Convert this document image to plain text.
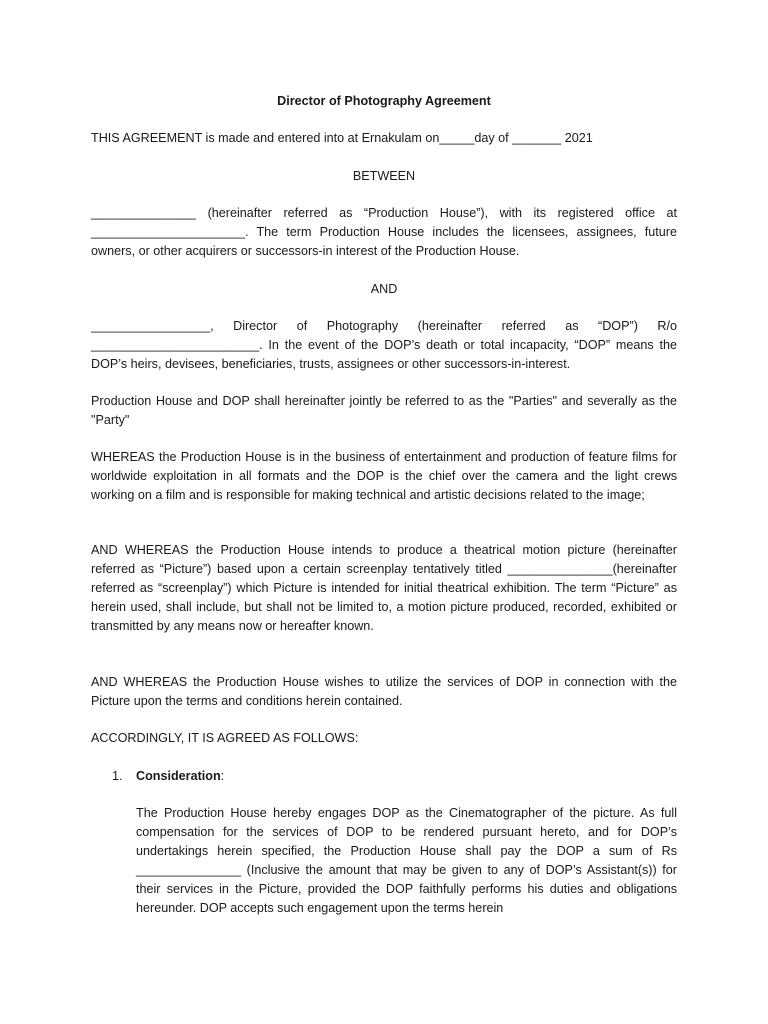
Director of Photography Agreement
THIS AGREEMENT is made and entered into at Ernakulam on_____day of _______ 2021
BETWEEN
_______________ (hereinafter referred as “Production House”), with its registered office at ______________________. The term Production House includes the licensees, assignees, future owners, or other acquirers or successors-in interest of the Production House.
AND
_________________, Director of Photography (hereinafter referred as “DOP”) R/o ________________________. In the event of the DOP’s death or total incapacity, “DOP” means the DOP’s heirs, devisees, beneficiaries, trusts, assignees or other successors-in-interest.
Production House and DOP shall hereinafter jointly be referred to as the "Parties" and severally as the "Party"
WHEREAS the Production House is in the business of entertainment and production of feature films for worldwide exploitation in all formats and the DOP is the chief over the camera and the light crews working on a film and is responsible for making technical and artistic decisions related to the image;
AND WHEREAS the Production House intends to produce a theatrical motion picture (hereinafter referred as “Picture”) based upon a certain screenplay tentatively titled _______________(hereinafter referred as “screenplay”) which Picture is intended for initial theatrical exhibition. The term “Picture” as herein used, shall include, but shall not be limited to, a motion picture produced, recorded, exhibited or transmitted by any means now or hereafter known.
AND WHEREAS the Production House wishes to utilize the services of DOP in connection with the Picture upon the terms and conditions herein contained.
ACCORDINGLY, IT IS AGREED AS FOLLOWS:
1. Consideration:
The Production House hereby engages DOP as the Cinematographer of the picture. As full compensation for the services of DOP to be rendered pursuant hereto, and for DOP’s undertakings herein specified, the Production House shall pay the DOP a sum of Rs _______________ (Inclusive the amount that may be given to any of DOP’s Assistant(s)) for their services in the Picture, provided the DOP faithfully performs his duties and obligations hereunder. DOP accepts such engagement upon the terms herein
